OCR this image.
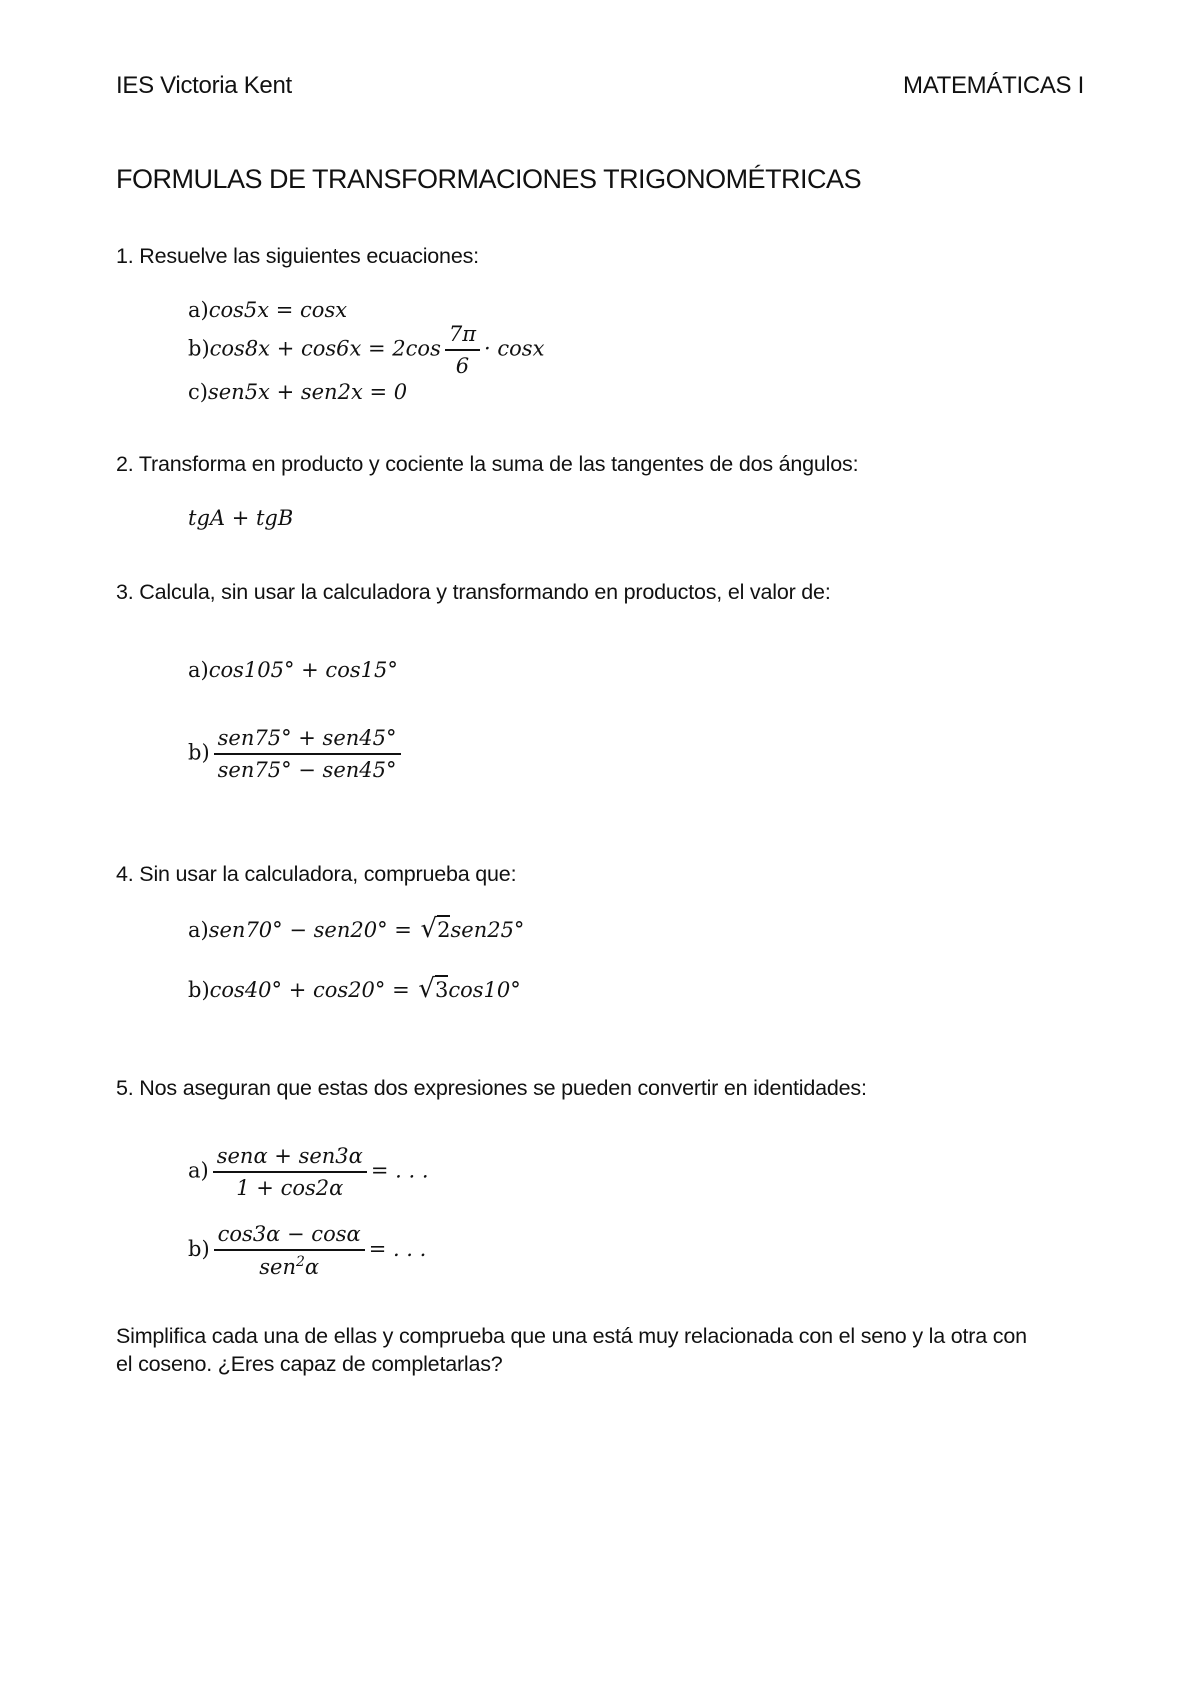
IES Victoria Kent	MATEMÁTICAS I
FORMULAS DE TRANSFORMACIONES TRIGONOMÉTRICAS
1. Resuelve las siguientes ecuaciones:
a)cos5x = cosx
$b)\cos 8x + \cos 6x = 2\cos \frac{7\pi}{6} \cdot \cos x$
c)sen5x + sen2x = 0
2. Transforma en producto y cociente la suma de las tangentes de dos ángulos:
tgA + tgB
3. Calcula, sin usar la calculadora y transformando en productos, el valor de:
a)cos105° + cos15°
$b) \frac{\text{sen75° + sen45°}}{\text{sen75° − sen45°}}$
4. Sin usar la calculadora, comprueba que:
a)sen70° − sen20° = √2sen25°
b)cos40° + cos20° = √3cos10°
5. Nos aseguran que estas dos expresiones se pueden convertir en identidades:
$a) \frac{\text{senα + sen3α}}{1 + \cos 2\alpha}$ = . . .
$b) \frac{\cos 3\alpha - \cos\alpha}{sen^2\alpha}$ = . . .
Simplifica cada una de ellas y comprueba que una está muy relacionada con el seno y la otra con
el coseno. ¿Eres capaz de completarlas?
